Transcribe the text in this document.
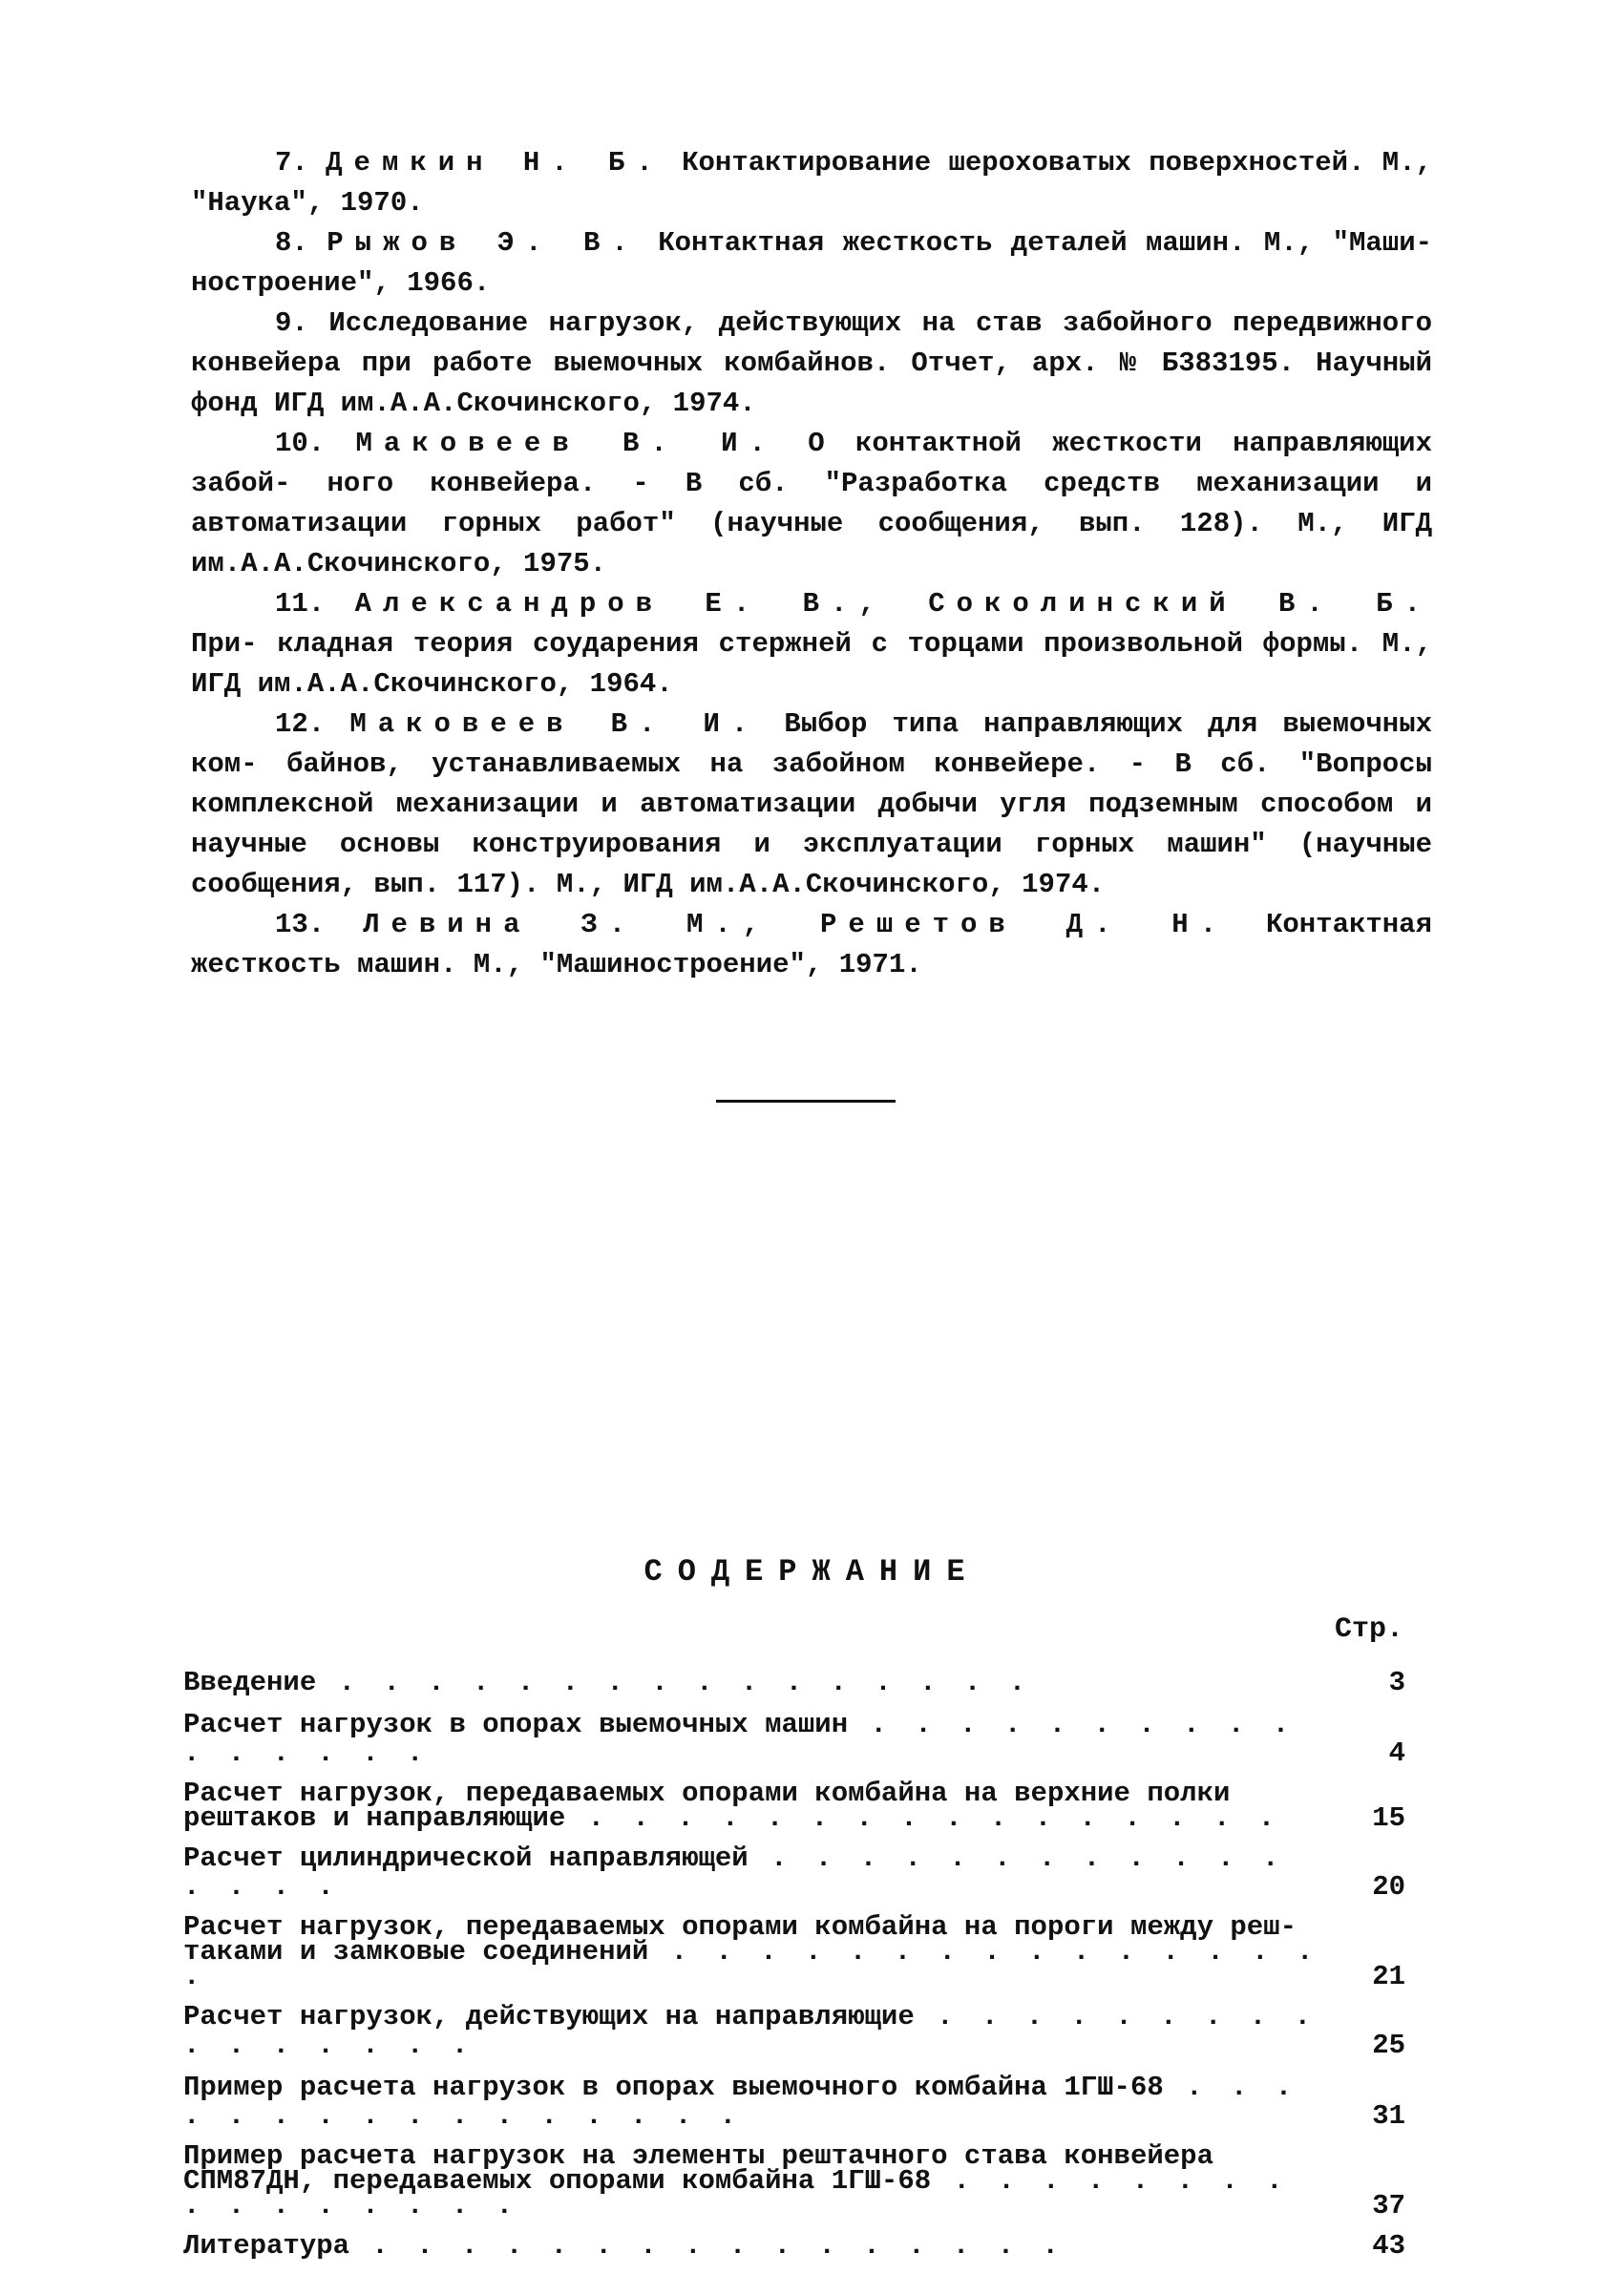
7. Демкин Н. Б. Контактирование шероховатых поверхностей. М., "Наука", 1970.

8. Рыжов Э. В. Контактная жесткость деталей машин. М., "Маши- ностроение", 1966.

9. Исследование нагрузок, действующих на став забойного передвижного конвейера при работе выемочных комбайнов. Отчет, арх. № Б383195. Научный фонд ИГД им.А.А.Скочинского, 1974.

10. Маковеев В. И. О контактной жесткости направляющих забой- ного конвейера. - В сб. "Разработка средств механизации и автоматизации горных работ" (научные сообщения, вып. 128). М., ИГД им.А.А.Скочинского, 1975.

11. Александров Е. В., Соколинский В. Б. При- кладная теория соударения стержней с торцами произвольной формы. М., ИГД им.А.А.Скочинского, 1964.

12. Маковеев В. И. Выбор типа направляющих для выемочных ком- байнов, устанавливаемых на забойном конвейере. - В сб. "Вопросы комплексной механизации и автоматизации добычи угля подземным способом и научные основы конструирования и эксплуатации горных машин" (научные сообщения, вып. 117). М., ИГД им.А.А.Скочинского, 1974.

13. Левина З. М., Решетов Д. Н. Контактная жесткость машин. М., "Машиностроение", 1971.

СОДЕРЖАНИЕ
Стр.
Введение . . . . . . . . . . . . . . . .	3
Расчет нагрузок в опорах выемочных машин . . . . . . . . . . . . . . . .	4
Расчет нагрузок, передаваемых опорами комбайна на верхние полки
рештаков и направляющие . . . . . . . . . . . . . . . .	15
Расчет цилиндрической направляющей . . . . . . . . . . . . . . . .	20
Расчет нагрузок, передаваемых опорами комбайна на пороги между реш-
таками и замковые соединений . . . . . . . . . . . . . . . .	21
Расчет нагрузок, действующих на направляющие . . . . . . . . . . . . . . . .	25
Пример расчета нагрузок в опорах выемочного комбайна 1ГШ-68 . . . . . . . . . . . . . . . .	31
Пример расчета нагрузок на элементы рештачного става конвейера
СПМ87ДН, передаваемых опорами комбайна 1ГШ-68 . . . . . . . . . . . . . . . .	37
Литература . . . . . . . . . . . . . . . .	43
